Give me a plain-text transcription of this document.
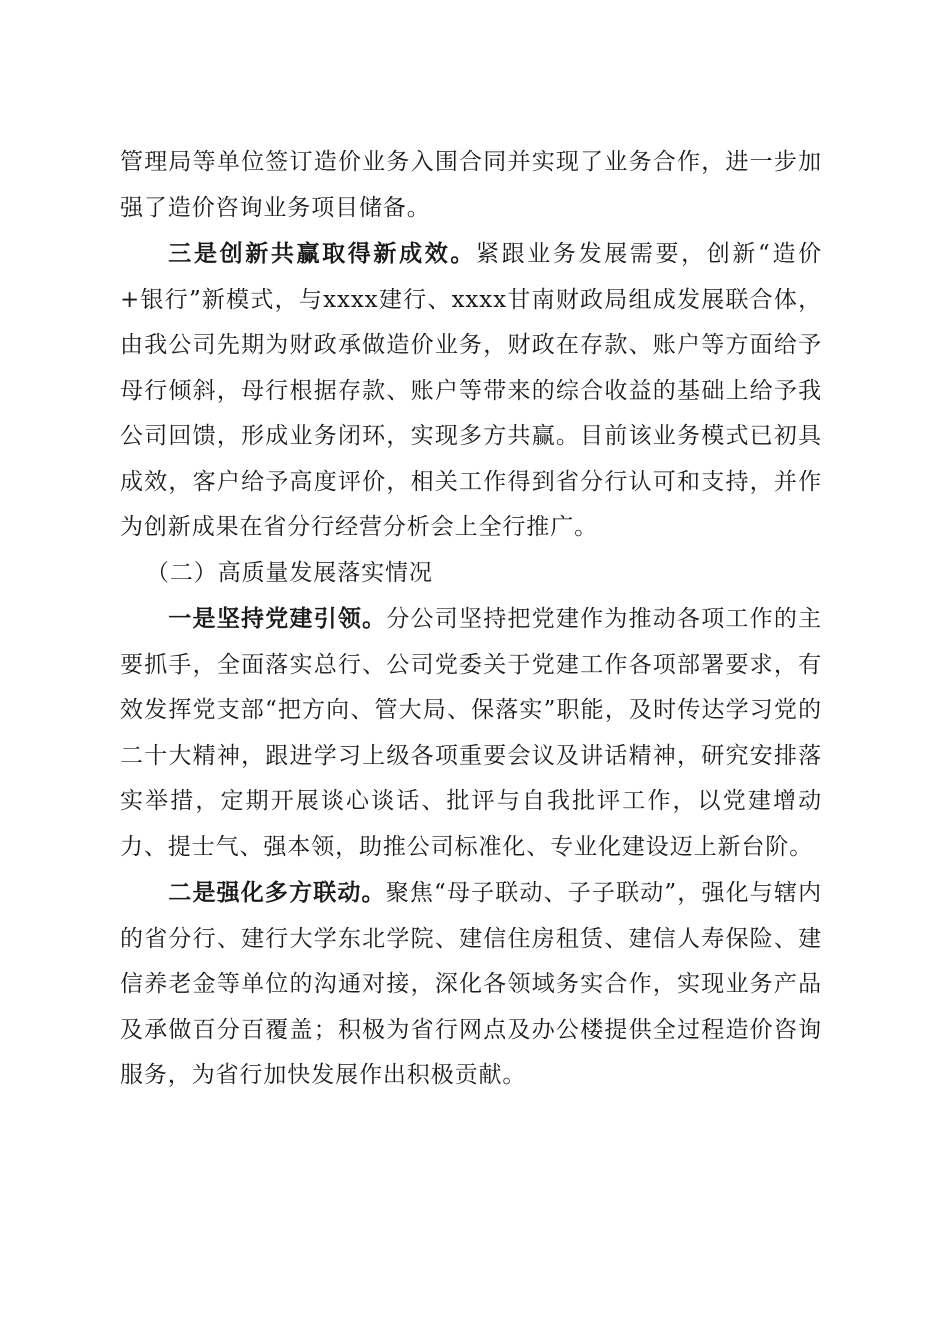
管理局等单位签订造价业务入围合同并实现了业务合作，进一步加强了造价咨询业务项目储备。

三是创新共赢取得新成效。紧跟业务发展需要，创新“造价+银行”新模式，与xxxx建行、xxxx甘南财政局组成发展联合体，由我公司先期为财政承做造价业务，财政在存款、账户等方面给予母行倾斜，母行根据存款、账户等带来的综合收益的基础上给予我公司回馈，形成业务闭环，实现多方共赢。目前该业务模式已初具成效，客户给予高度评价，相关工作得到省分行认可和支持，并作为创新成果在省分行经营分析会上全行推广。

（二）高质量发展落实情况

一是坚持党建引领。分公司坚持把党建作为推动各项工作的主要抓手，全面落实总行、公司党委关于党建工作各项部署要求，有效发挥党支部“把方向、管大局、保落实”职能，及时传达学习党的二十大精神，跟进学习上级各项重要会议及讲话精神，研究安排落实举措，定期开展谈心谈话、批评与自我批评工作，以党建增动力、提士气、强本领，助推公司标准化、专业化建设迈上新台阶。

二是强化多方联动。聚焦“母子联动、子子联动”，强化与辖内的省分行、建行大学东北学院、建信住房租赁、建信人寿保险、建信养老金等单位的沟通对接，深化各领域务实合作，实现业务产品及承做百分百覆盖；积极为省行网点及办公楼提供全过程造价咨询服务，为省行加快发展作出积极贡献。
